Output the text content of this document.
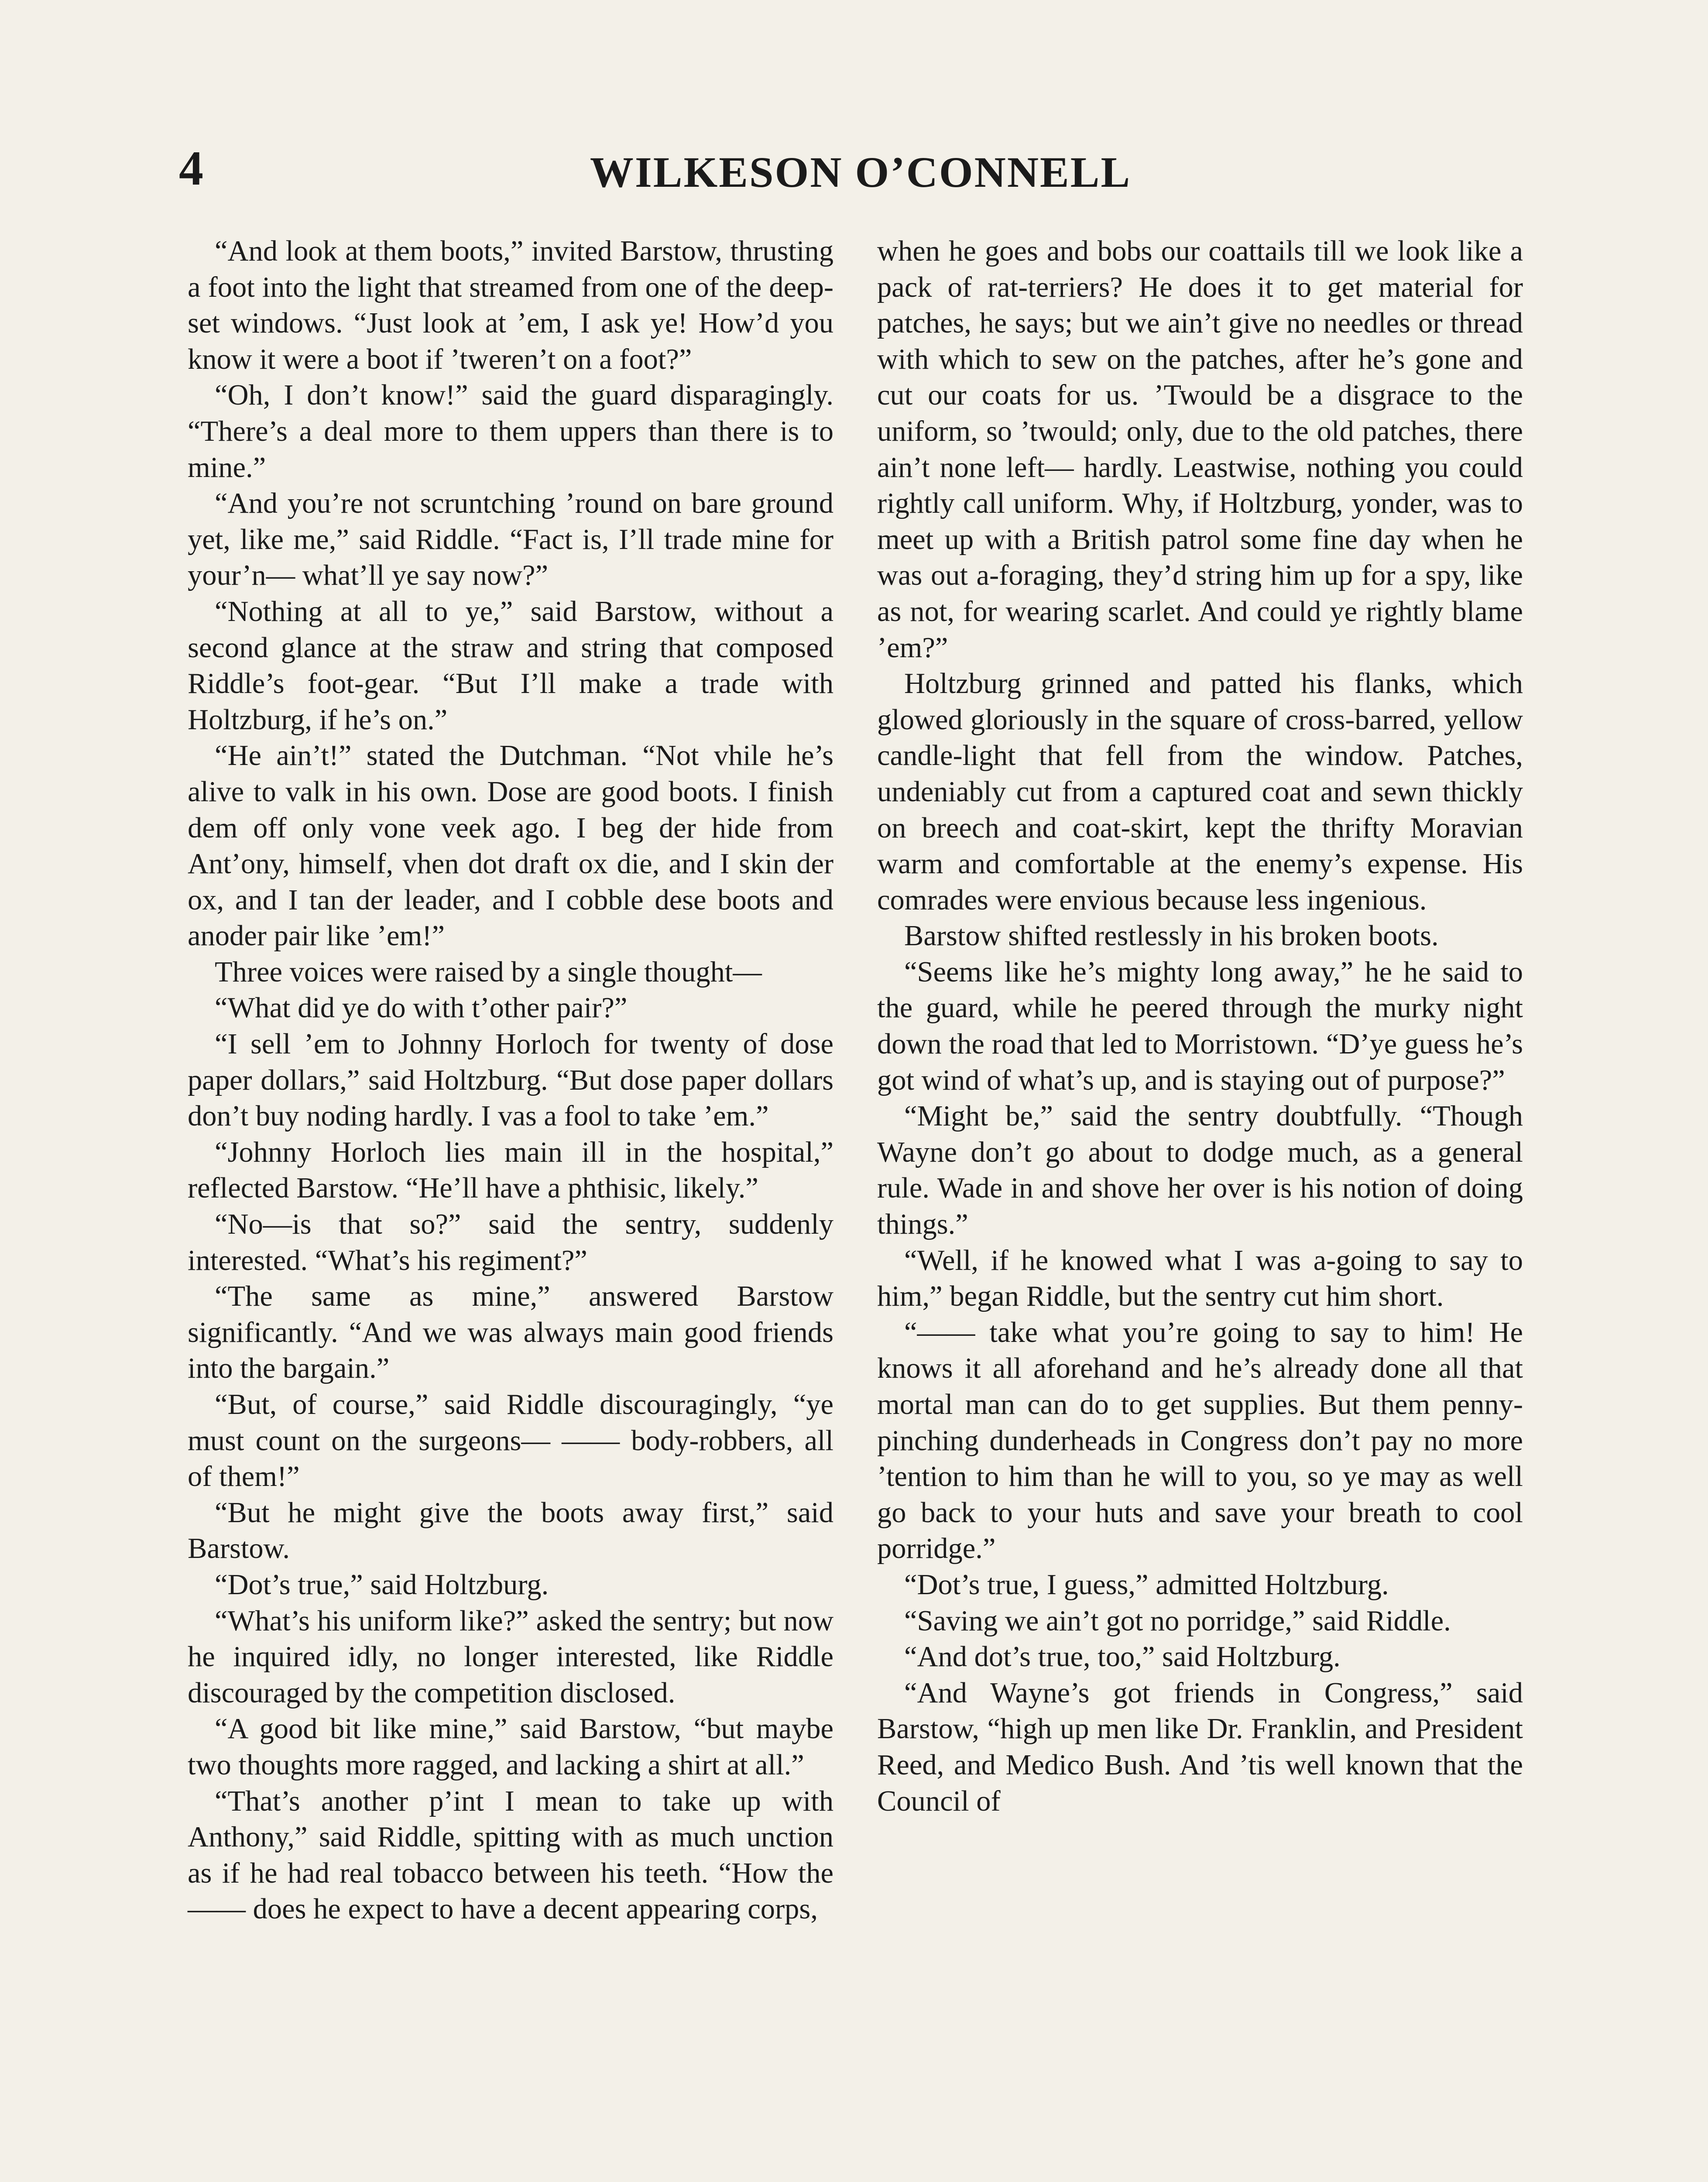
4	WILKESON O’CONNELL

“And look at them boots,” invited Barstow, thrusting a foot into the light that streamed from one of the deep-set windows. “Just look at ’em, I ask ye! How’d you know it were a boot if ’tweren’t on a foot?”

“Oh, I don’t know!” said the guard disparagingly. “There’s a deal more to them uppers than there is to mine.”

“And you’re not scruntching ’round on bare ground yet, like me,” said Riddle. “Fact is, I’ll trade mine for your’n— what’ll ye say now?”

“Nothing at all to ye,” said Barstow, without a second glance at the straw and string that composed Riddle’s foot-gear. “But I’ll make a trade with Holtzburg, if he’s on.”

“He ain’t!” stated the Dutchman. “Not vhile he’s alive to valk in his own. Dose are good boots. I finish dem off only vone veek ago. I beg der hide from Ant’ony, himself, vhen dot draft ox die, and I skin der ox, and I tan der leader, and I cobble dese boots and anoder pair like ’em!”

Three voices were raised by a single thought—

“What did ye do with t’other pair?”

“I sell ’em to Johnny Horloch for twenty of dose paper dollars,” said Holtzburg. “But dose paper dollars don’t buy noding hardly. I vas a fool to take ’em.”

“Johnny Horloch lies main ill in the hospital,” reflected Barstow. “He’ll have a phthisic, likely.”

“No—is that so?” said the sentry, suddenly interested. “What’s his regiment?”

“The same as mine,” answered Barstow significantly. “And we was always main good friends into the bargain.”

“But, of course,” said Riddle discouragingly, “ye must count on the surgeons— —— body-robbers, all of them!”

“But he might give the boots away first,” said Barstow.

“Dot’s true,” said Holtzburg.

“What’s his uniform like?” asked the sentry; but now he inquired idly, no longer interested, like Riddle discouraged by the competition disclosed.

“A good bit like mine,” said Barstow, “but maybe two thoughts more ragged, and lacking a shirt at all.”

“That’s another p’int I mean to take up with Anthony,” said Riddle, spitting with as much unction as if he had real tobacco between his teeth. “How the —— does he expect to have a decent appearing corps,

when he goes and bobs our coattails till we look like a pack of rat-terriers? He does it to get material for patches, he says; but we ain’t give no needles or thread with which to sew on the patches, after he’s gone and cut our coats for us. ’Twould be a disgrace to the uniform, so ’twould; only, due to the old patches, there ain’t none left— hardly. Leastwise, nothing you could rightly call uniform. Why, if Holtzburg, yonder, was to meet up with a British patrol some fine day when he was out a-foraging, they’d string him up for a spy, like as not, for wearing scarlet. And could ye rightly blame ’em?”

Holtzburg grinned and patted his flanks, which glowed gloriously in the square of cross-barred, yellow candle-light that fell from the window. Patches, undeniably cut from a captured coat and sewn thickly on breech and coat-skirt, kept the thrifty Moravian warm and comfortable at the enemy’s expense. His comrades were envious because less ingenious.

Barstow shifted restlessly in his broken boots.

“Seems like he’s mighty long away,” he he said to the guard, while he peered through the murky night down the road that led to Morristown. “D’ye guess he’s got wind of what’s up, and is staying out of purpose?”

“Might be,” said the sentry doubtfully. “Though Wayne don’t go about to dodge much, as a general rule. Wade in and shove her over is his notion of doing things.”

“Well, if he knowed what I was a-going to say to him,” began Riddle, but the sentry cut him short.

“—— take what you’re going to say to him! He knows it all aforehand and he’s already done all that mortal man can do to get supplies. But them penny-pinching dunderheads in Congress don’t pay no more ’tention to him than he will to you, so ye may as well go back to your huts and save your breath to cool porridge.”

“Dot’s true, I guess,” admitted Holtzburg.

“Saving we ain’t got no porridge,” said Riddle.

“And dot’s true, too,” said Holtzburg.

“And Wayne’s got friends in Congress,” said Barstow, “high up men like Dr. Franklin, and President Reed, and Medico Bush. And ’tis well known that the Council of
